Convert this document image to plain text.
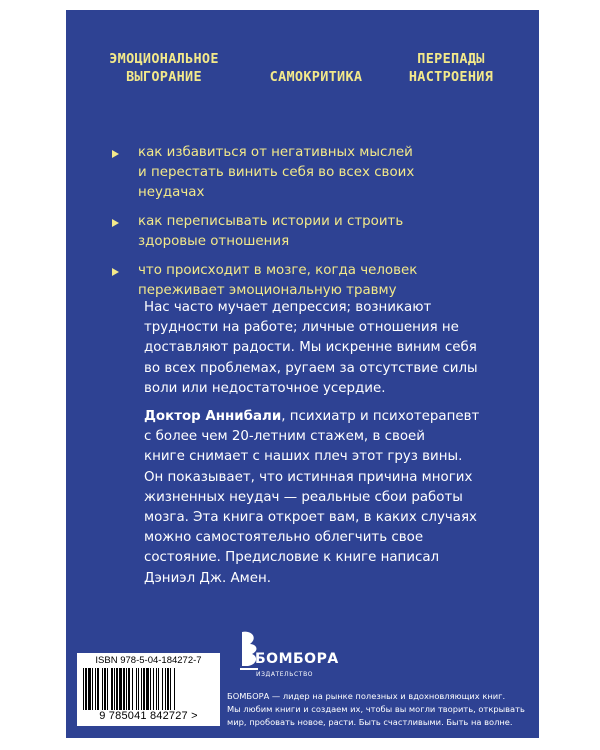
ЭМОЦИОНАЛЬНОЕ
ВЫГОРАНИЕ	САМОКРИТИКА
ПЕРЕПАДЫ
НАСТРОЕНИЯ
как избавиться от негативных мыслей
и перестать винить себя во всех своих
неудачах
как переписывать истории и строить
здоровые отношения
что происходит в мозге, когда человек
переживает эмоциональную травму

Нас часто мучает депрессия; возникают
трудности на работе; личные отношения не
доставляют радости. Мы искренне виним себя
во всех проблемах, ругаем за отсутствие силы
воли или недостаточное усердие.

Доктор Аннибали, психиатр и психотерапевт
с более чем 20-летним стажем, в своей
книге снимает с наших плеч этот груз вины.
Он показывает, что истинная причина многих
жизненных неудач — реальные сбои работы
мозга. Эта книга откроет вам, в каких случаях
можно самостоятельно облегчить свое
состояние. Предисловие к книге написал
Дэниэл Дж. Амен.

ISBN 978-5-04-184272-7
9 785041 842727 >
БОМБОРА
ИЗДАТЕЛЬСТВО
БОМБОРА — лидер на рынке полезных и вдохновляющих книг.
Мы любим книги и создаем их, чтобы вы могли творить, открывать
мир, пробовать новое, расти. Быть счастливыми. Быть на волне.
